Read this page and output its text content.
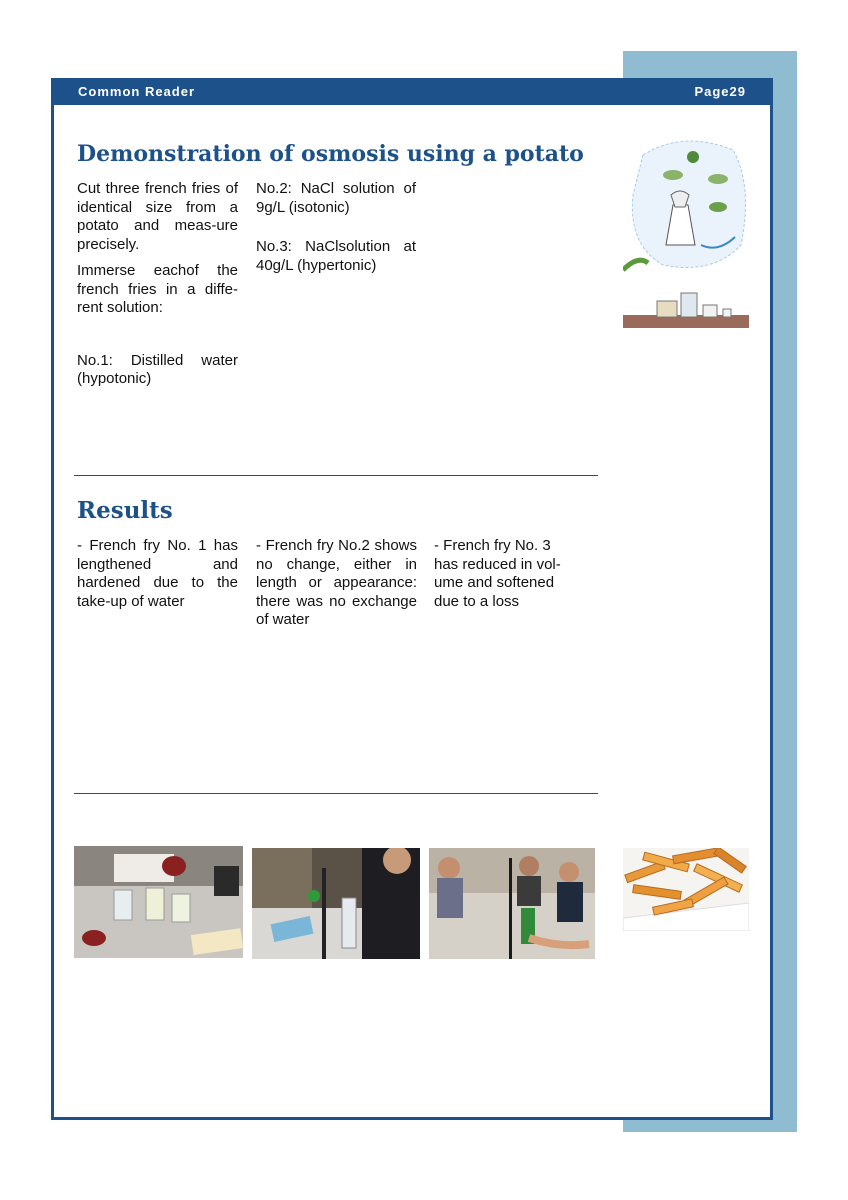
Common Reader	Page29
Demonstration of osmosis using a potato

Cut three french fries of identical size from a potato and meas-ure precisely.

Immerse eachof the french fries in a diffe-rent solution:

No.1: Distilled water (hypotonic)

No.2: NaCl solution of 9g/L (isotonic)

No.3: NaClsolution at 40g/L (hypertonic)

Results
- French fry No. 1 has lengthened and hardened due to the take-up of water
- French fry No.2 shows no change, either in length or appearance: there was no exchange of water
- French fry No. 3 has reduced in vol-ume and softened due to a loss
